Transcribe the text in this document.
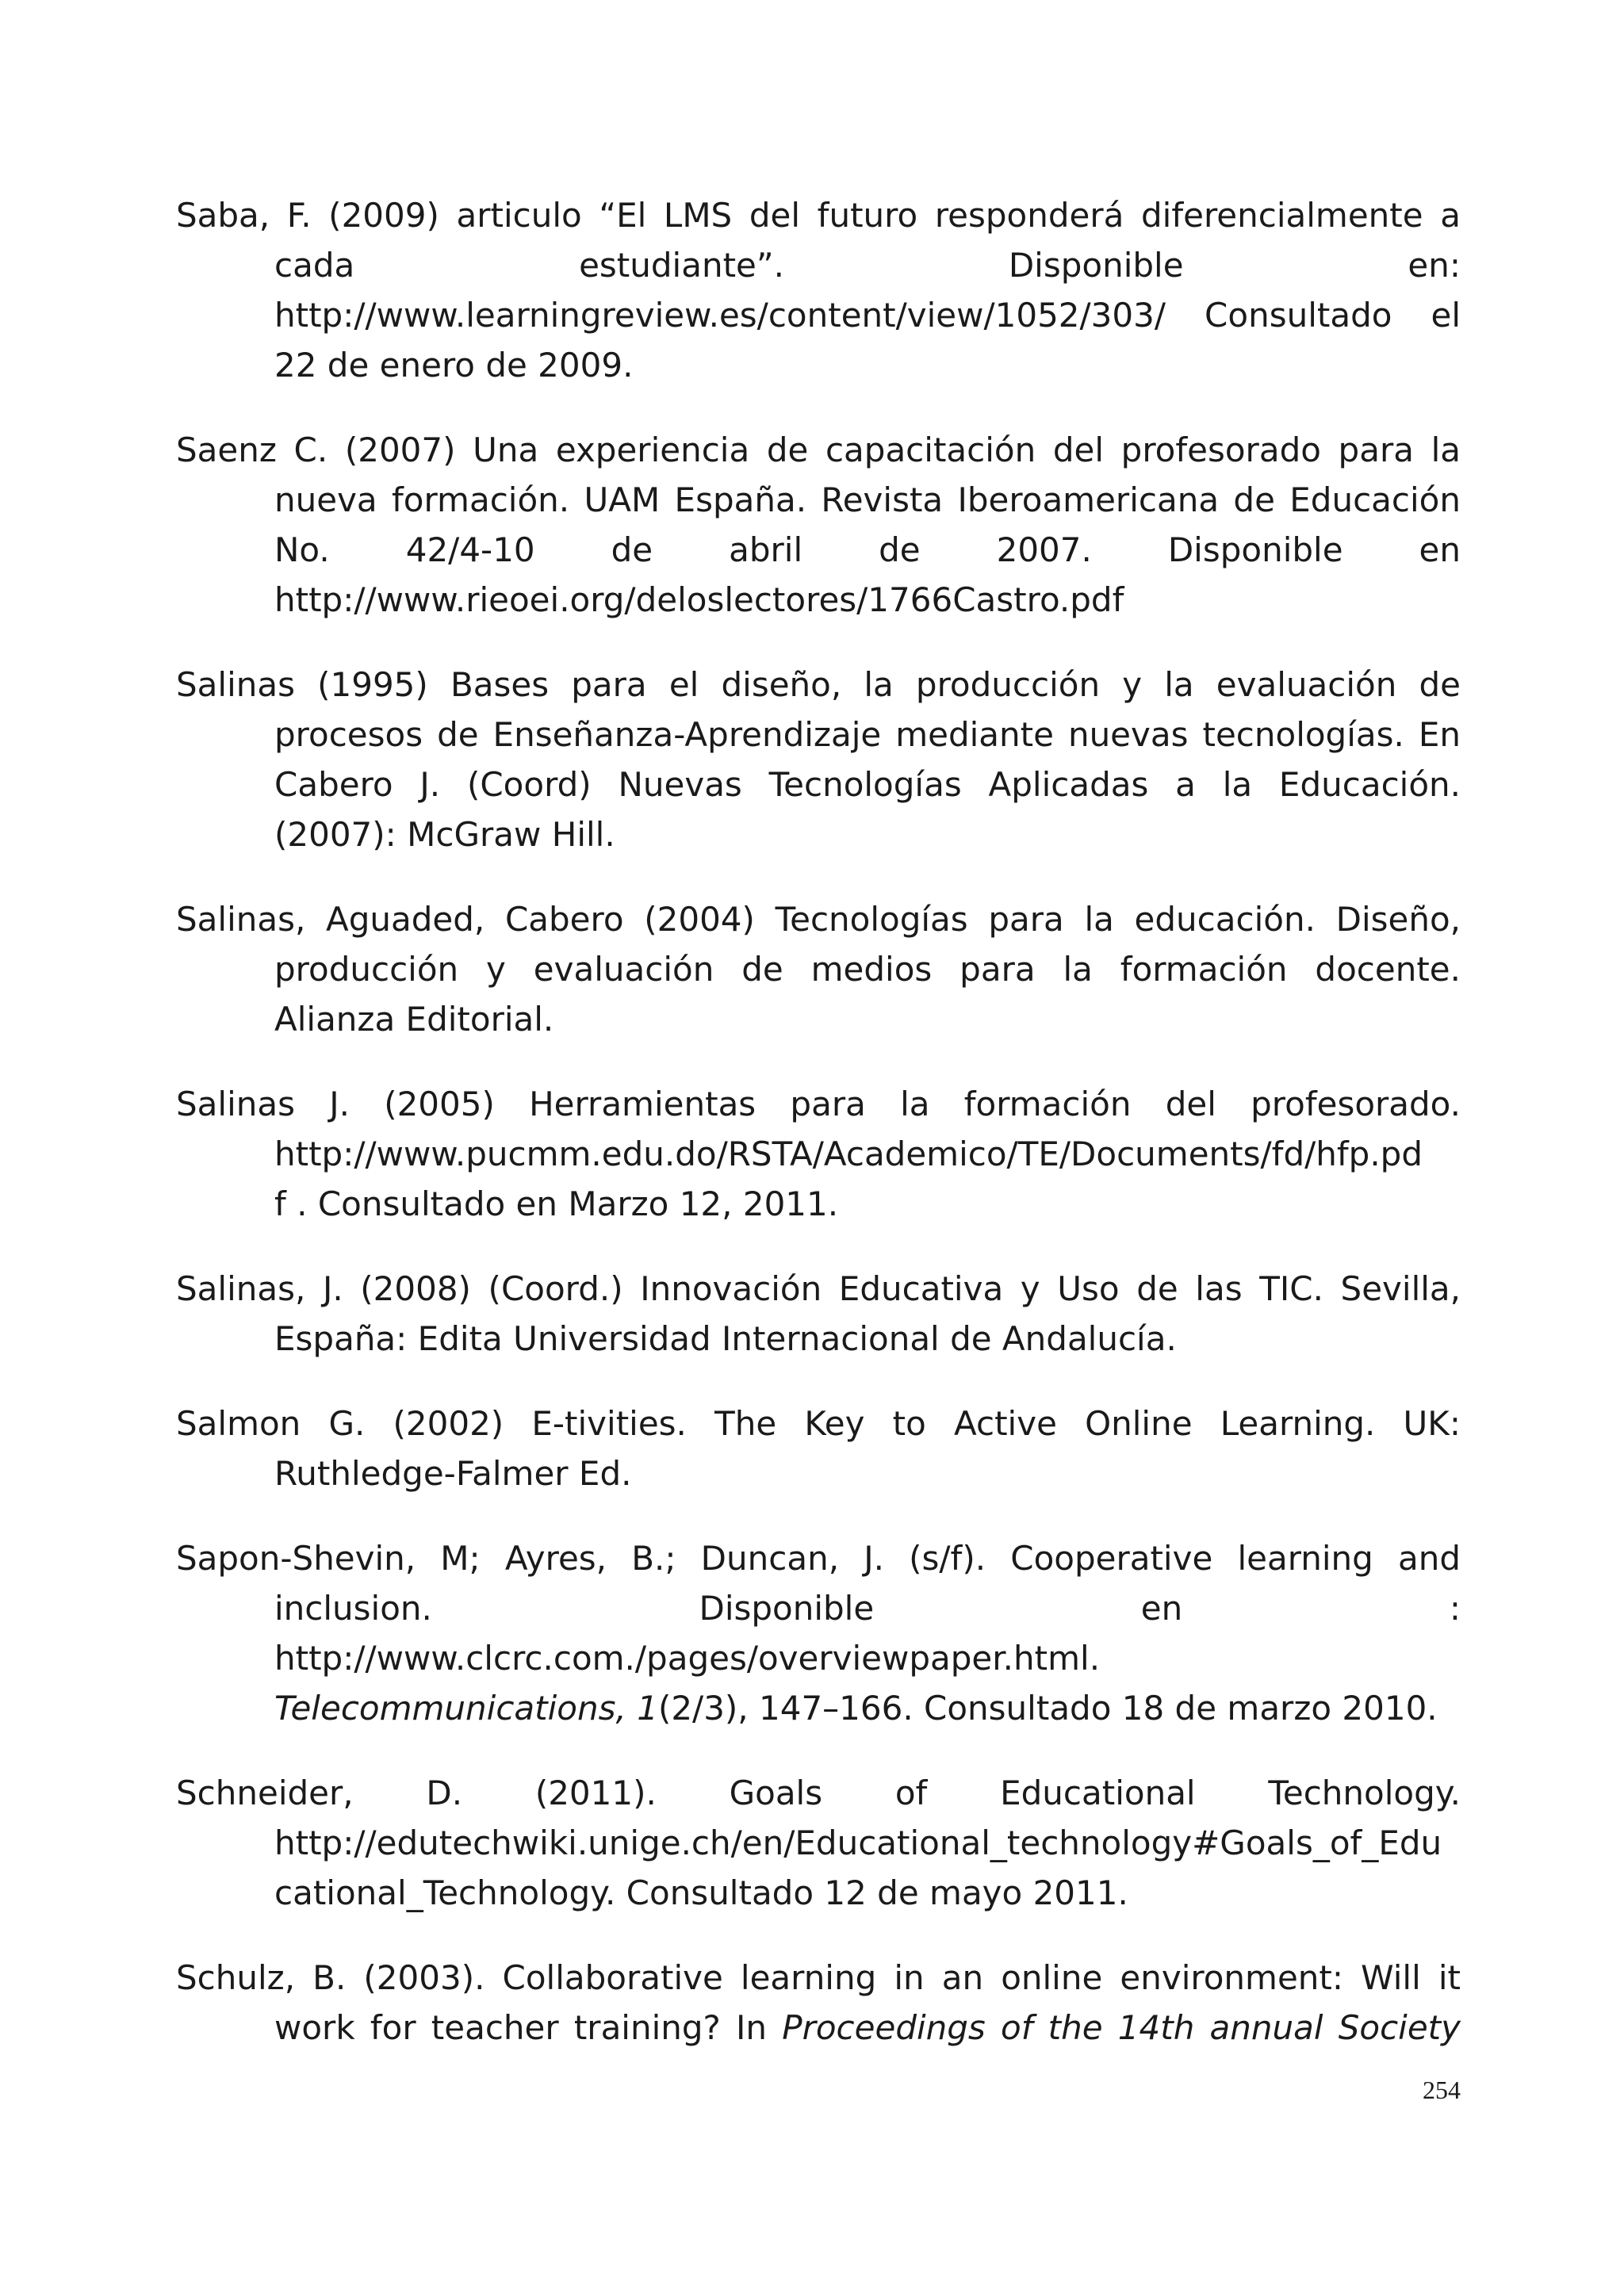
Saba, F. (2009) articulo “El LMS del futuro responderá diferencialmente a
cada estudiante”. Disponible en:
http://www.learningreview.es/content/view/1052/303/ Consultado el
22 de enero de 2009.
Saenz C. (2007) Una experiencia de capacitación del profesorado para la
nueva formación. UAM España. Revista Iberoamericana de Educación
No. 42/4-10 de abril de 2007. Disponible en
http://www.rieoei.org/deloslectores/1766Castro.pdf
Salinas (1995) Bases para el diseño, la producción y la evaluación de
procesos de Enseñanza-Aprendizaje mediante nuevas tecnologías. En
Cabero J. (Coord) Nuevas Tecnologías Aplicadas a la Educación.
(2007): McGraw Hill.
Salinas, Aguaded, Cabero (2004) Tecnologías para la educación. Diseño,
producción y evaluación de medios para la formación docente.
Alianza Editorial.
Salinas J. (2005) Herramientas para la formación del profesorado.
http://www.pucmm.edu.do/RSTA/Academico/TE/Documents/fd/hfp.pd
f . Consultado en Marzo 12, 2011.
Salinas, J. (2008) (Coord.) Innovación Educativa y Uso de las TIC. Sevilla,
España: Edita Universidad Internacional de Andalucía.
Salmon G. (2002) E-tivities. The Key to Active Online Learning. UK:
Ruthledge-Falmer Ed.
Sapon-Shevin, M; Ayres, B.; Duncan, J. (s/f). Cooperative learning and
inclusion. Disponible en :
http://www.clcrc.com./pages/overviewpaper.html.
Telecommunications, 1(2/3), 147–166. Consultado 18 de marzo 2010.
Schneider, D. (2011). Goals of Educational Technology.
http://edutechwiki.unige.ch/en/Educational_technology#Goals_of_Edu
cational_Technology. Consultado 12 de mayo 2011.
Schulz, B. (2003). Collaborative learning in an online environment: Will it
work for teacher training? In Proceedings of the 14th annual Society
254
